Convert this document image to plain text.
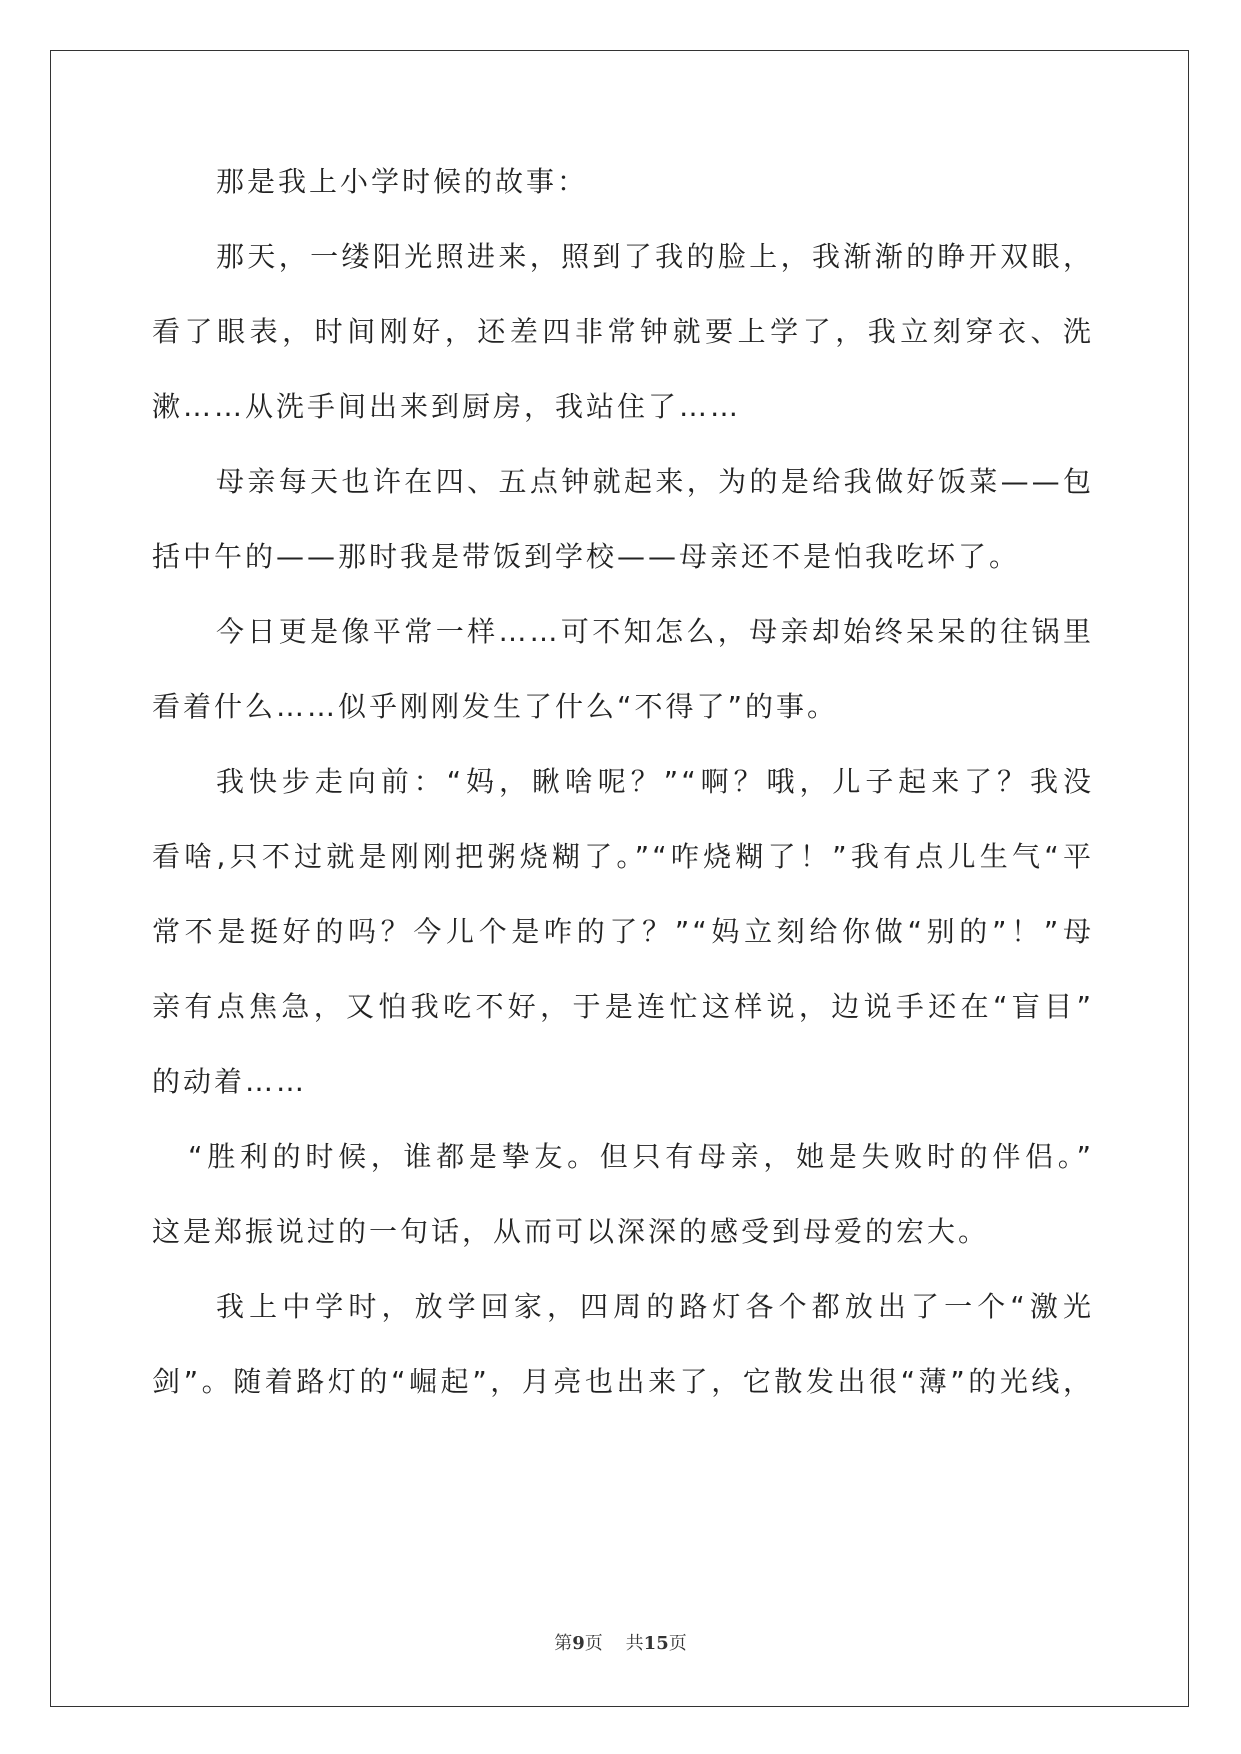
那是我上小学时候的故事：
那天，一缕阳光照进来，照到了我的脸上，我渐渐的睁开双眼，
看了眼表，时间刚好，还差四非常钟就要上学了，我立刻穿衣、洗
漱……从洗手间出来到厨房，我站住了……
母亲每天也许在四、五点钟就起来，为的是给我做好饭菜——包
括中午的——那时我是带饭到学校——母亲还不是怕我吃坏了。
今日更是像平常一样……可不知怎么，母亲却始终呆呆的往锅里
看着什么……似乎刚刚发生了什么“不得了”的事。
我快步走向前：“妈，瞅啥呢？”“啊？哦，儿子起来了？我没
看啥,只不过就是刚刚把粥烧糊了。”“咋烧糊了！”我有点儿生气“平
常不是挺好的吗？今儿个是咋的了？”“妈立刻给你做“别的”！”母
亲有点焦急，又怕我吃不好，于是连忙这样说，边说手还在“盲目”
的动着……
“胜利的时候，谁都是挚友。但只有母亲，她是失败时的伴侣。”
这是郑振说过的一句话，从而可以深深的感受到母爱的宏大。
我上中学时，放学回家，四周的路灯各个都放出了一个“激光
剑”。随着路灯的“崛起”，月亮也出来了，它散发出很“薄”的光线，
第9页 共15页
